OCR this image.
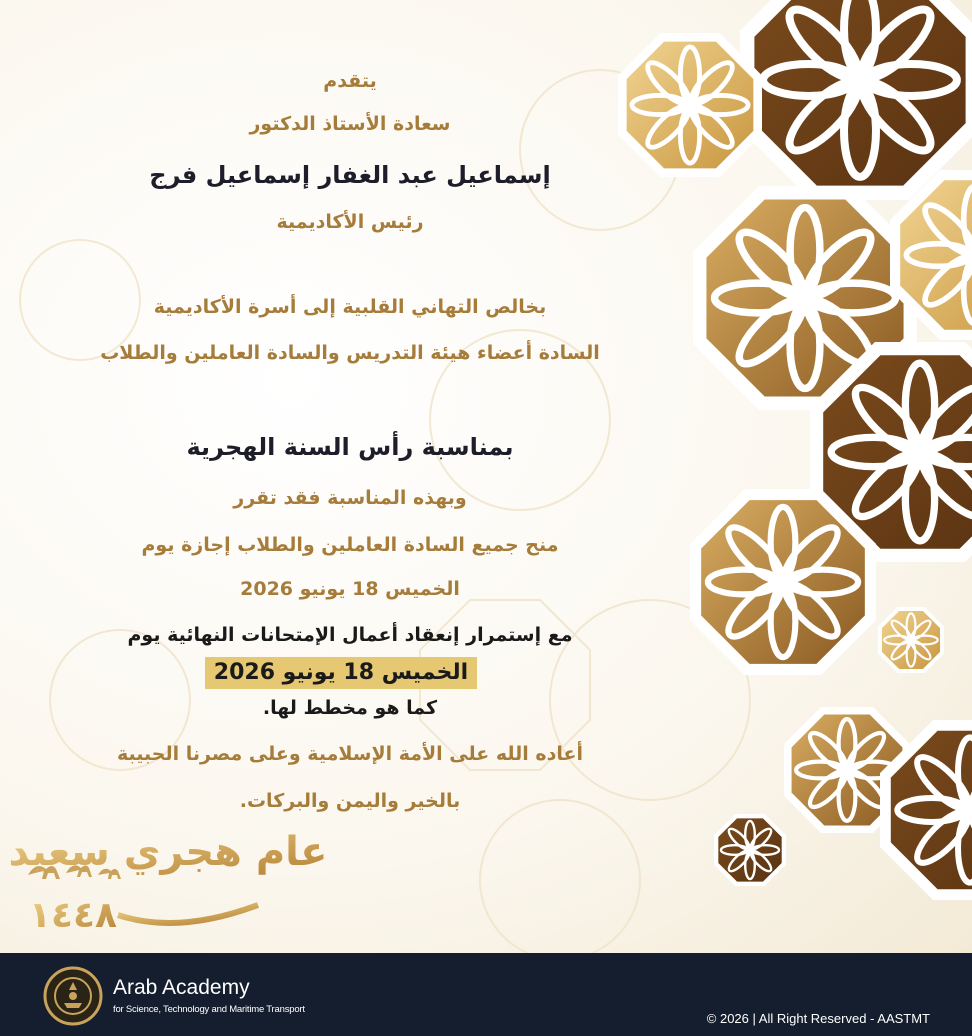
يتقدم
سعادة الأستاذ الدكتور
إسماعيل عبد الغفار إسماعيل فرج
رئيس الأكاديمية
بخالص التهاني القلبية إلى أسرة الأكاديمية
السادة أعضاء هيئة التدريس والسادة العاملين والطلاب
بمناسبة رأس السنة الهجرية
وبهذه المناسبة فقد تقرر
منح جميع السادة العاملين والطلاب إجازة يوم
الخميس 18 يونيو 2026
مع إستمرار إنعقاد أعمال الإمتحانات النهائية يوم
كما هو مخطط لها.
أعاده الله على الأمة الإسلامية وعلى مصرنا الحبيبة
بالخير واليمن والبركات.
الخميس 18 يونيو 2026
عام هجري سعيد
١٤٤٨
Arab Academy
for Science, Technology and Maritime Transport
© 2026 | All Right Reserved - AASTMT
